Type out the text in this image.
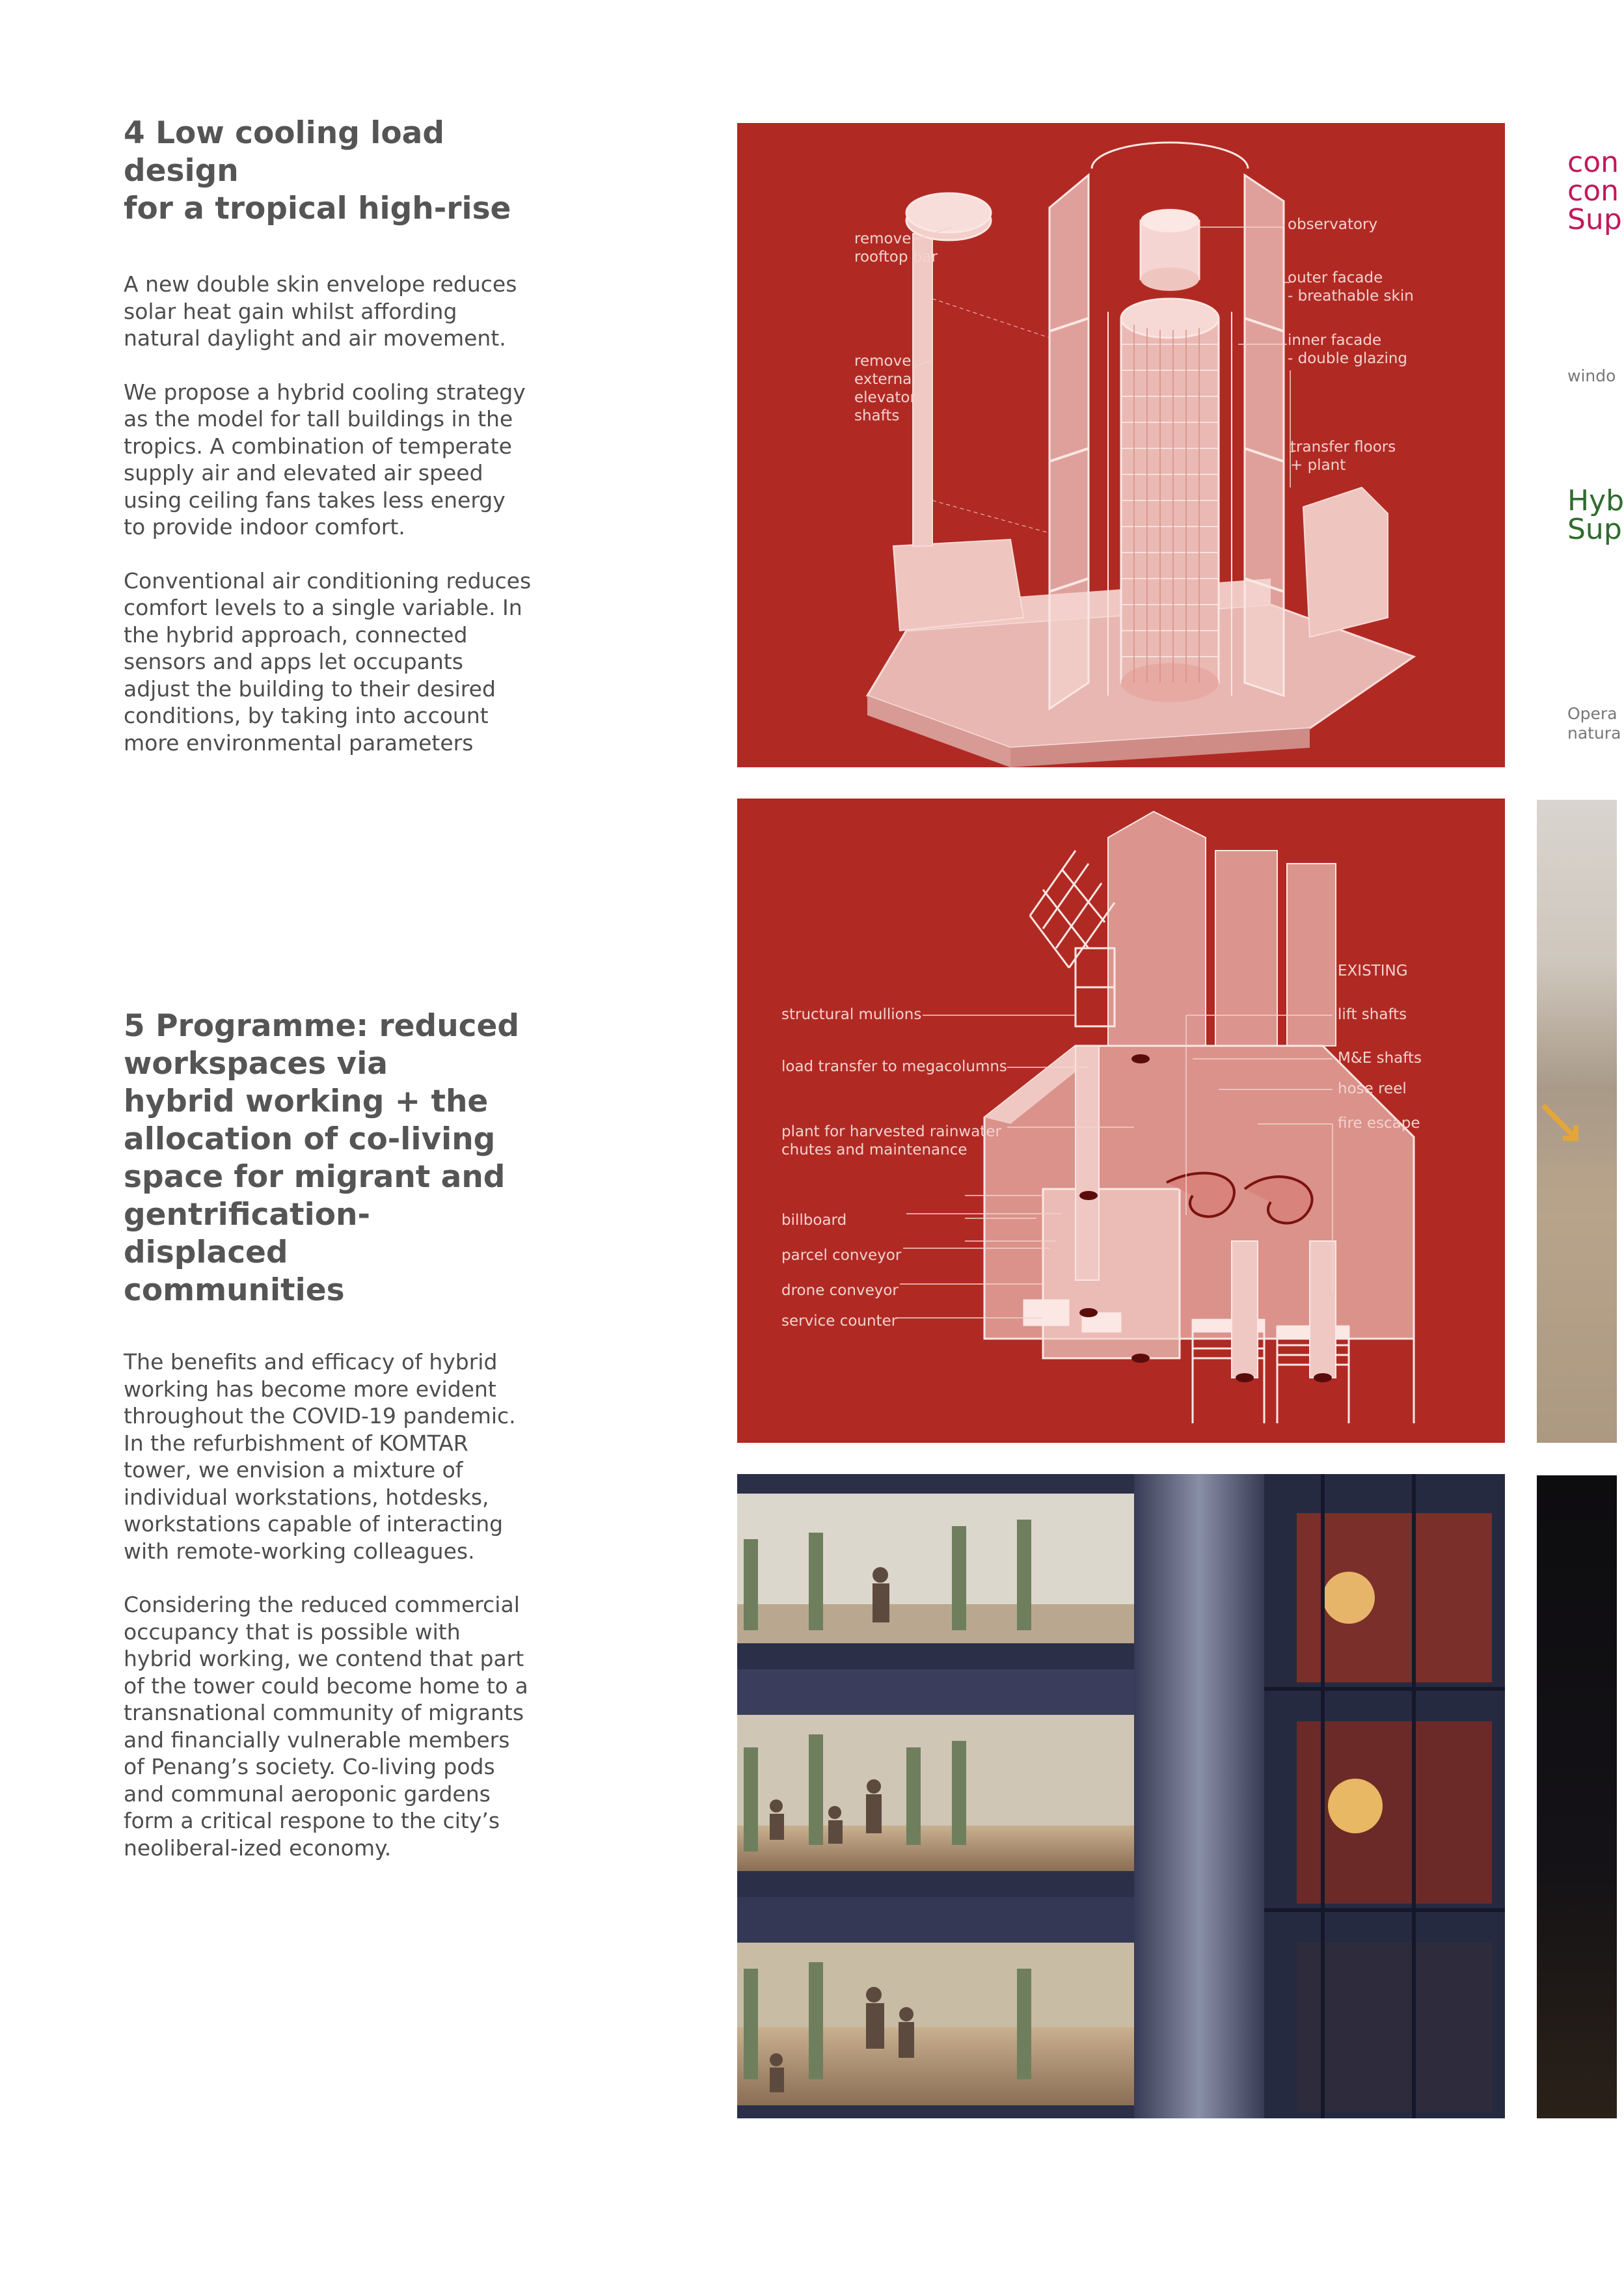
4 Low cooling load design
for a tropical high-rise

A new double skin envelope reduces solar heat gain whilst affording natural daylight and air movement.

We propose a hybrid cooling strategy as the model for tall buildings in the tropics. A combination of temperate supply air and elevated air speed using ceiling fans takes less energy to provide indoor comfort.

Conventional air conditioning reduces comfort levels to a single variable. In the hybrid approach, connected sensors and apps let occupants adjust the building to their desired conditions, by taking into account more environmental parameters

5 Programme: reduced
workspaces via
hybrid working + the
allocation of co-living
space for migrant and
gentrification-displaced
communities

The benefits and efficacy of hybrid working has become more evident throughout the COVID-19 pandemic. In the refurbishment of KOMTAR tower, we envision a mixture of individual workstations, hotdesks, workstations capable of interacting with remote-working colleagues.

Considering the reduced commercial occupancy that is possible with hybrid working, we contend that part of the tower could become home to a transnational community of migrants and financially vulnerable members of Penang’s society. Co-living pods and communal aeroponic gardens form a critical respone to the city’s neoliberal-ized economy.

remove
rooftop bar
remove
external
elevator
shafts
observatory
outer facade
- breathable skin
inner facade
- double glazing
transfer floors
+ plant
structural mullions
load transfer to megacolumns
plant for harvested rainwater
chutes and maintenance
billboard
parcel conveyor
drone conveyor
service counter
EXISTING
lift shafts
M&E shafts
hose reel
fire escape
con
con
Sup
windo
Hyb
Sup
Opera
natura
